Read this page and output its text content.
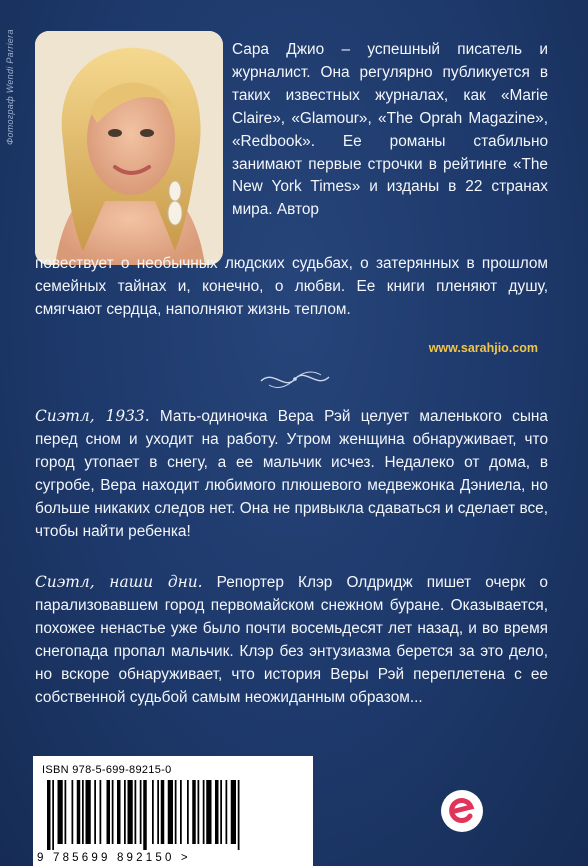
Фотограф Wendi Parriera	Сара Джио – успешный писатель и журналист. Она регулярно публикуется в таких известных журналах, как «Marie Claire», «Glamour», «The Oprah Magazine», «Redbook». Ее романы стабильно занимают первые строчки в рейтинге «The New York Times» и изданы в 22 странах мира. Автор
повествует о необычных людских судьбах, о затерянных в прошлом семейных тайнах и, конечно, о любви. Ее книги пленяют душу, смягчают сердца, наполняют жизнь теплом.
www.sarahjio.com
Сиэтл, 1933. Мать-одиночка Вера Рэй целует маленького сына перед сном и уходит на работу. Утром женщина обнаруживает, что город утопает в снегу, а ее мальчик исчез. Недалеко от дома, в сугробе, Вера находит любимого плюшевого медвежонка Дэниела, но больше никаких следов нет. Она не привыкла сдаваться и сделает все, чтобы найти ребенка!
Сиэтл, наши дни. Репортер Клэр Олдридж пишет очерк о парализовавшем город первомайском снежном буране. Оказывается, похожее ненастье уже было почти восемьдесят лет назад, и во время снегопада пропал мальчик. Клэр без энтузиазма берется за это дело, но вскоре обнаруживает, что история Веры Рэй переплетена с ее собственной судьбой самым неожиданным образом...
ISBN 978-5-699-89215-0
9 785699 892150 >
